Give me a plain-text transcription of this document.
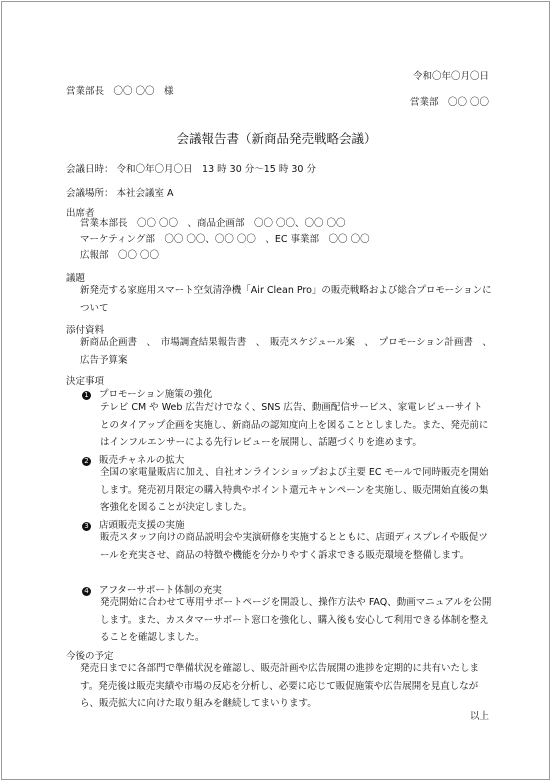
令和〇年〇月〇日
営業部長　〇〇 〇〇　様
営業部　〇〇 〇〇
会議報告書（新商品発売戦略会議）
会議日時： 令和〇年〇月〇日　13 時 30 分～15 時 30 分
会議場所： 本社会議室 A
出席者
営業本部長　〇〇 〇〇　、商品企画部　〇〇 〇〇、〇〇 〇〇
マーケティング部　〇〇 〇〇、〇〇 〇〇　、EC 事業部　〇〇 〇〇
広報部　〇〇 〇〇
議題
新発売する家庭用スマート空気清浄機「Air Clean Pro」の販売戦略および総合プロモーションについて
添付資料
新商品企画書　、　市場調査結果報告書　、　販売スケジュール案　、　プロモーション計画書　、　広告予算案
決定事項
1 プロモーション施策の強化
テレビ CM や Web 広告だけでなく、SNS 広告、動画配信サービス、家電レビューサイトとのタイアップ企画を実施し、新商品の認知度向上を図ることとしました。また、発売前にはインフルエンサーによる先行レビューを展開し、話題づくりを進めます。
2 販売チャネルの拡大
全国の家電量販店に加え、自社オンラインショップおよび主要 EC モールで同時販売を開始します。発売初月限定の購入特典やポイント還元キャンペーンを実施し、販売開始直後の集客強化を図ることが決定しました。
3 店頭販売支援の実施
販売スタッフ向けの商品説明会や実演研修を実施するとともに、店頭ディスプレイや販促ツールを充実させ、商品の特徴や機能を分かりやすく訴求できる販売環境を整備します。
4 アフターサポート体制の充実
発売開始に合わせて専用サポートページを開設し、操作方法や FAQ、動画マニュアルを公開します。また、カスタマーサポート窓口を強化し、購入後も安心して利用できる体制を整えることを確認しました。
今後の予定
発売日までに各部門で準備状況を確認し、販売計画や広告展開の進捗を定期的に共有いたします。発売後は販売実績や市場の反応を分析し、必要に応じて販促施策や広告展開を見直しながら、販売拡大に向けた取り組みを継続してまいります。
以上
